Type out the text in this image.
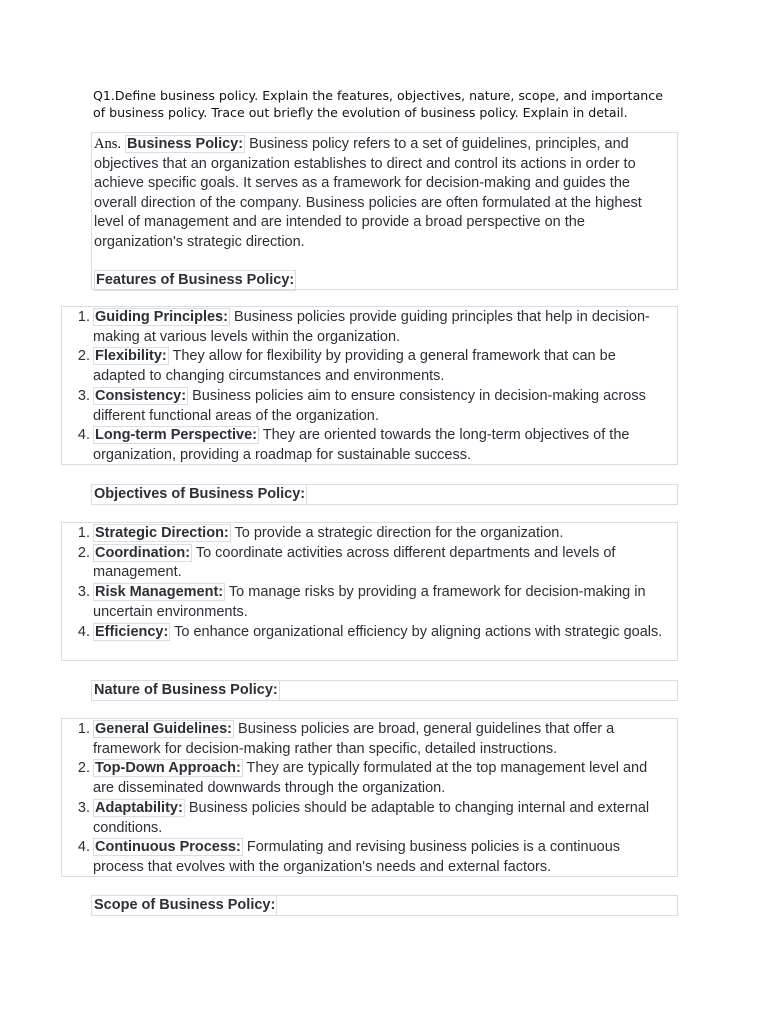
Q1.Define business policy. Explain the features, objectives, nature, scope, and importance of business policy. Trace out briefly the evolution of business policy. Explain in detail.
Ans. Business Policy: Business policy refers to a set of guidelines, principles, and objectives that an organization establishes to direct and control its actions in order to achieve specific goals. It serves as a framework for decision-making and guides the overall direction of the company. Business policies are often formulated at the highest level of management and are intended to provide a broad perspective on the organization's strategic direction.
Features of Business Policy:
1. Guiding Principles: Business policies provide guiding principles that help in decision-making at various levels within the organization.
2. Flexibility: They allow for flexibility by providing a general framework that can be adapted to changing circumstances and environments.
3. Consistency: Business policies aim to ensure consistency in decision-making across different functional areas of the organization.
4. Long-term Perspective: They are oriented towards the long-term objectives of the organization, providing a roadmap for sustainable success.
Objectives of Business Policy:
1. Strategic Direction: To provide a strategic direction for the organization.
2. Coordination: To coordinate activities across different departments and levels of management.
3. Risk Management: To manage risks by providing a framework for decision-making in uncertain environments.
4. Efficiency: To enhance organizational efficiency by aligning actions with strategic goals.
Nature of Business Policy:
1. General Guidelines: Business policies are broad, general guidelines that offer a framework for decision-making rather than specific, detailed instructions.
2. Top-Down Approach: They are typically formulated at the top management level and are disseminated downwards through the organization.
3. Adaptability: Business policies should be adaptable to changing internal and external conditions.
4. Continuous Process: Formulating and revising business policies is a continuous process that evolves with the organization's needs and external factors.
Scope of Business Policy:
